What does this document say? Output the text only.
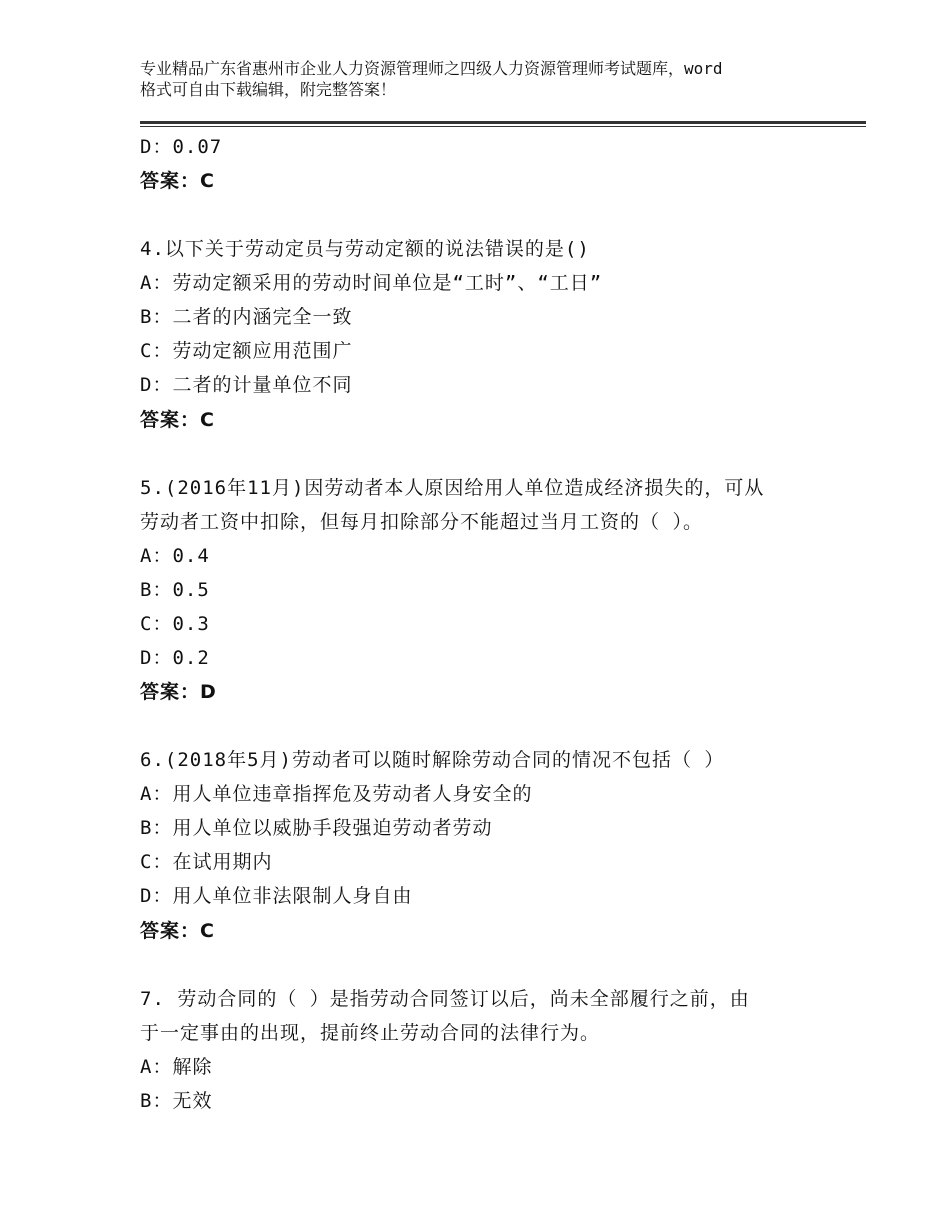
专业精品广东省惠州市企业人力资源管理师之四级人力资源管理师考试题库，word
格式可自由下载编辑，附完整答案！
D：0.07
答案：C
4.以下关于劳动定员与劳动定额的说法错误的是()
A：劳动定额采用的劳动时间单位是“工时”、“工日”
B：二者的内涵完全一致
C：劳动定额应用范围广
D：二者的计量单位不同
答案：C
5.(2016年11月)因劳动者本人原因给用人单位造成经济损失的，可从
劳动者工资中扣除，但每月扣除部分不能超过当月工资的（ ）。
A：0.4
B：0.5
C：0.3
D：0.2
答案：D
6.(2018年5月)劳动者可以随时解除劳动合同的情况不包括（ ）
A：用人单位违章指挥危及劳动者人身安全的
B：用人单位以威胁手段强迫劳动者劳动
C：在试用期内
D：用人单位非法限制人身自由
答案：C
7. 劳动合同的（ ）是指劳动合同签订以后，尚未全部履行之前，由
于一定事由的出现，提前终止劳动合同的法律行为。
A：解除
B：无效
